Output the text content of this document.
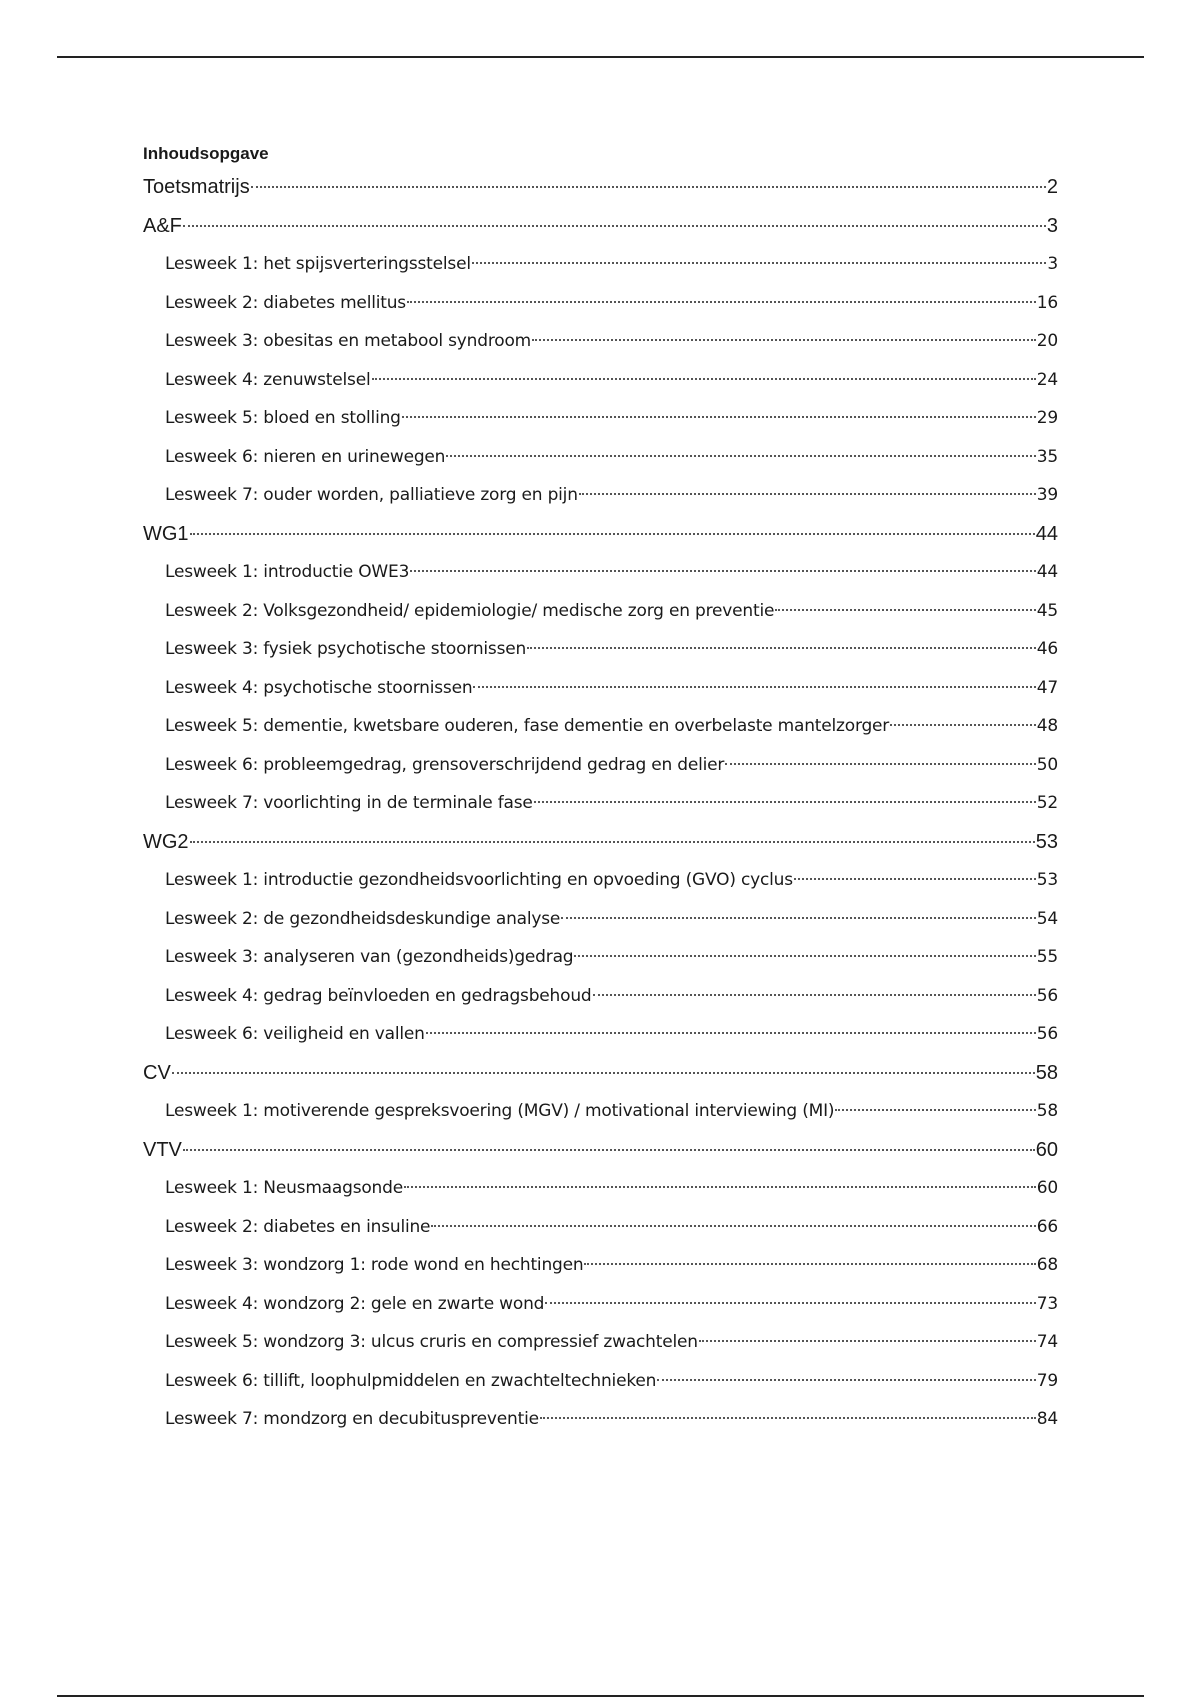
Inhoudsopgave
Toetsmatrijs	2
A&F	3
Lesweek 1: het spijsverteringsstelsel	3
Lesweek 2: diabetes mellitus	16
Lesweek 3: obesitas en metabool syndroom	20
Lesweek 4: zenuwstelsel	24
Lesweek 5: bloed en stolling	29
Lesweek 6: nieren en urinewegen	35
Lesweek 7: ouder worden, palliatieve zorg en pijn	39
WG1	44
Lesweek 1: introductie OWE3	44
Lesweek 2: Volksgezondheid/ epidemiologie/ medische zorg en preventie	45
Lesweek 3: fysiek psychotische stoornissen	46
Lesweek 4: psychotische stoornissen	47
Lesweek 5: dementie, kwetsbare ouderen, fase dementie en overbelaste mantelzorger	48
Lesweek 6: probleemgedrag, grensoverschrijdend gedrag en delier	50
Lesweek 7: voorlichting in de terminale fase	52
WG2	53
Lesweek 1: introductie gezondheidsvoorlichting en opvoeding (GVO) cyclus	53
Lesweek 2: de gezondheidsdeskundige analyse	54
Lesweek 3: analyseren van (gezondheids)gedrag	55
Lesweek 4: gedrag beïnvloeden en gedragsbehoud	56
Lesweek 6: veiligheid en vallen	56
CV	58
Lesweek 1: motiverende gespreksvoering (MGV) / motivational interviewing (MI)	58
VTV	60
Lesweek 1: Neusmaagsonde	60
Lesweek 2: diabetes en insuline	66
Lesweek 3: wondzorg 1: rode wond en hechtingen	68
Lesweek 4: wondzorg 2: gele en zwarte wond	73
Lesweek 5: wondzorg 3: ulcus cruris en compressief zwachtelen	74
Lesweek 6: tillift, loophulpmiddelen en zwachteltechnieken	79
Lesweek 7: mondzorg en decubituspreventie	84
